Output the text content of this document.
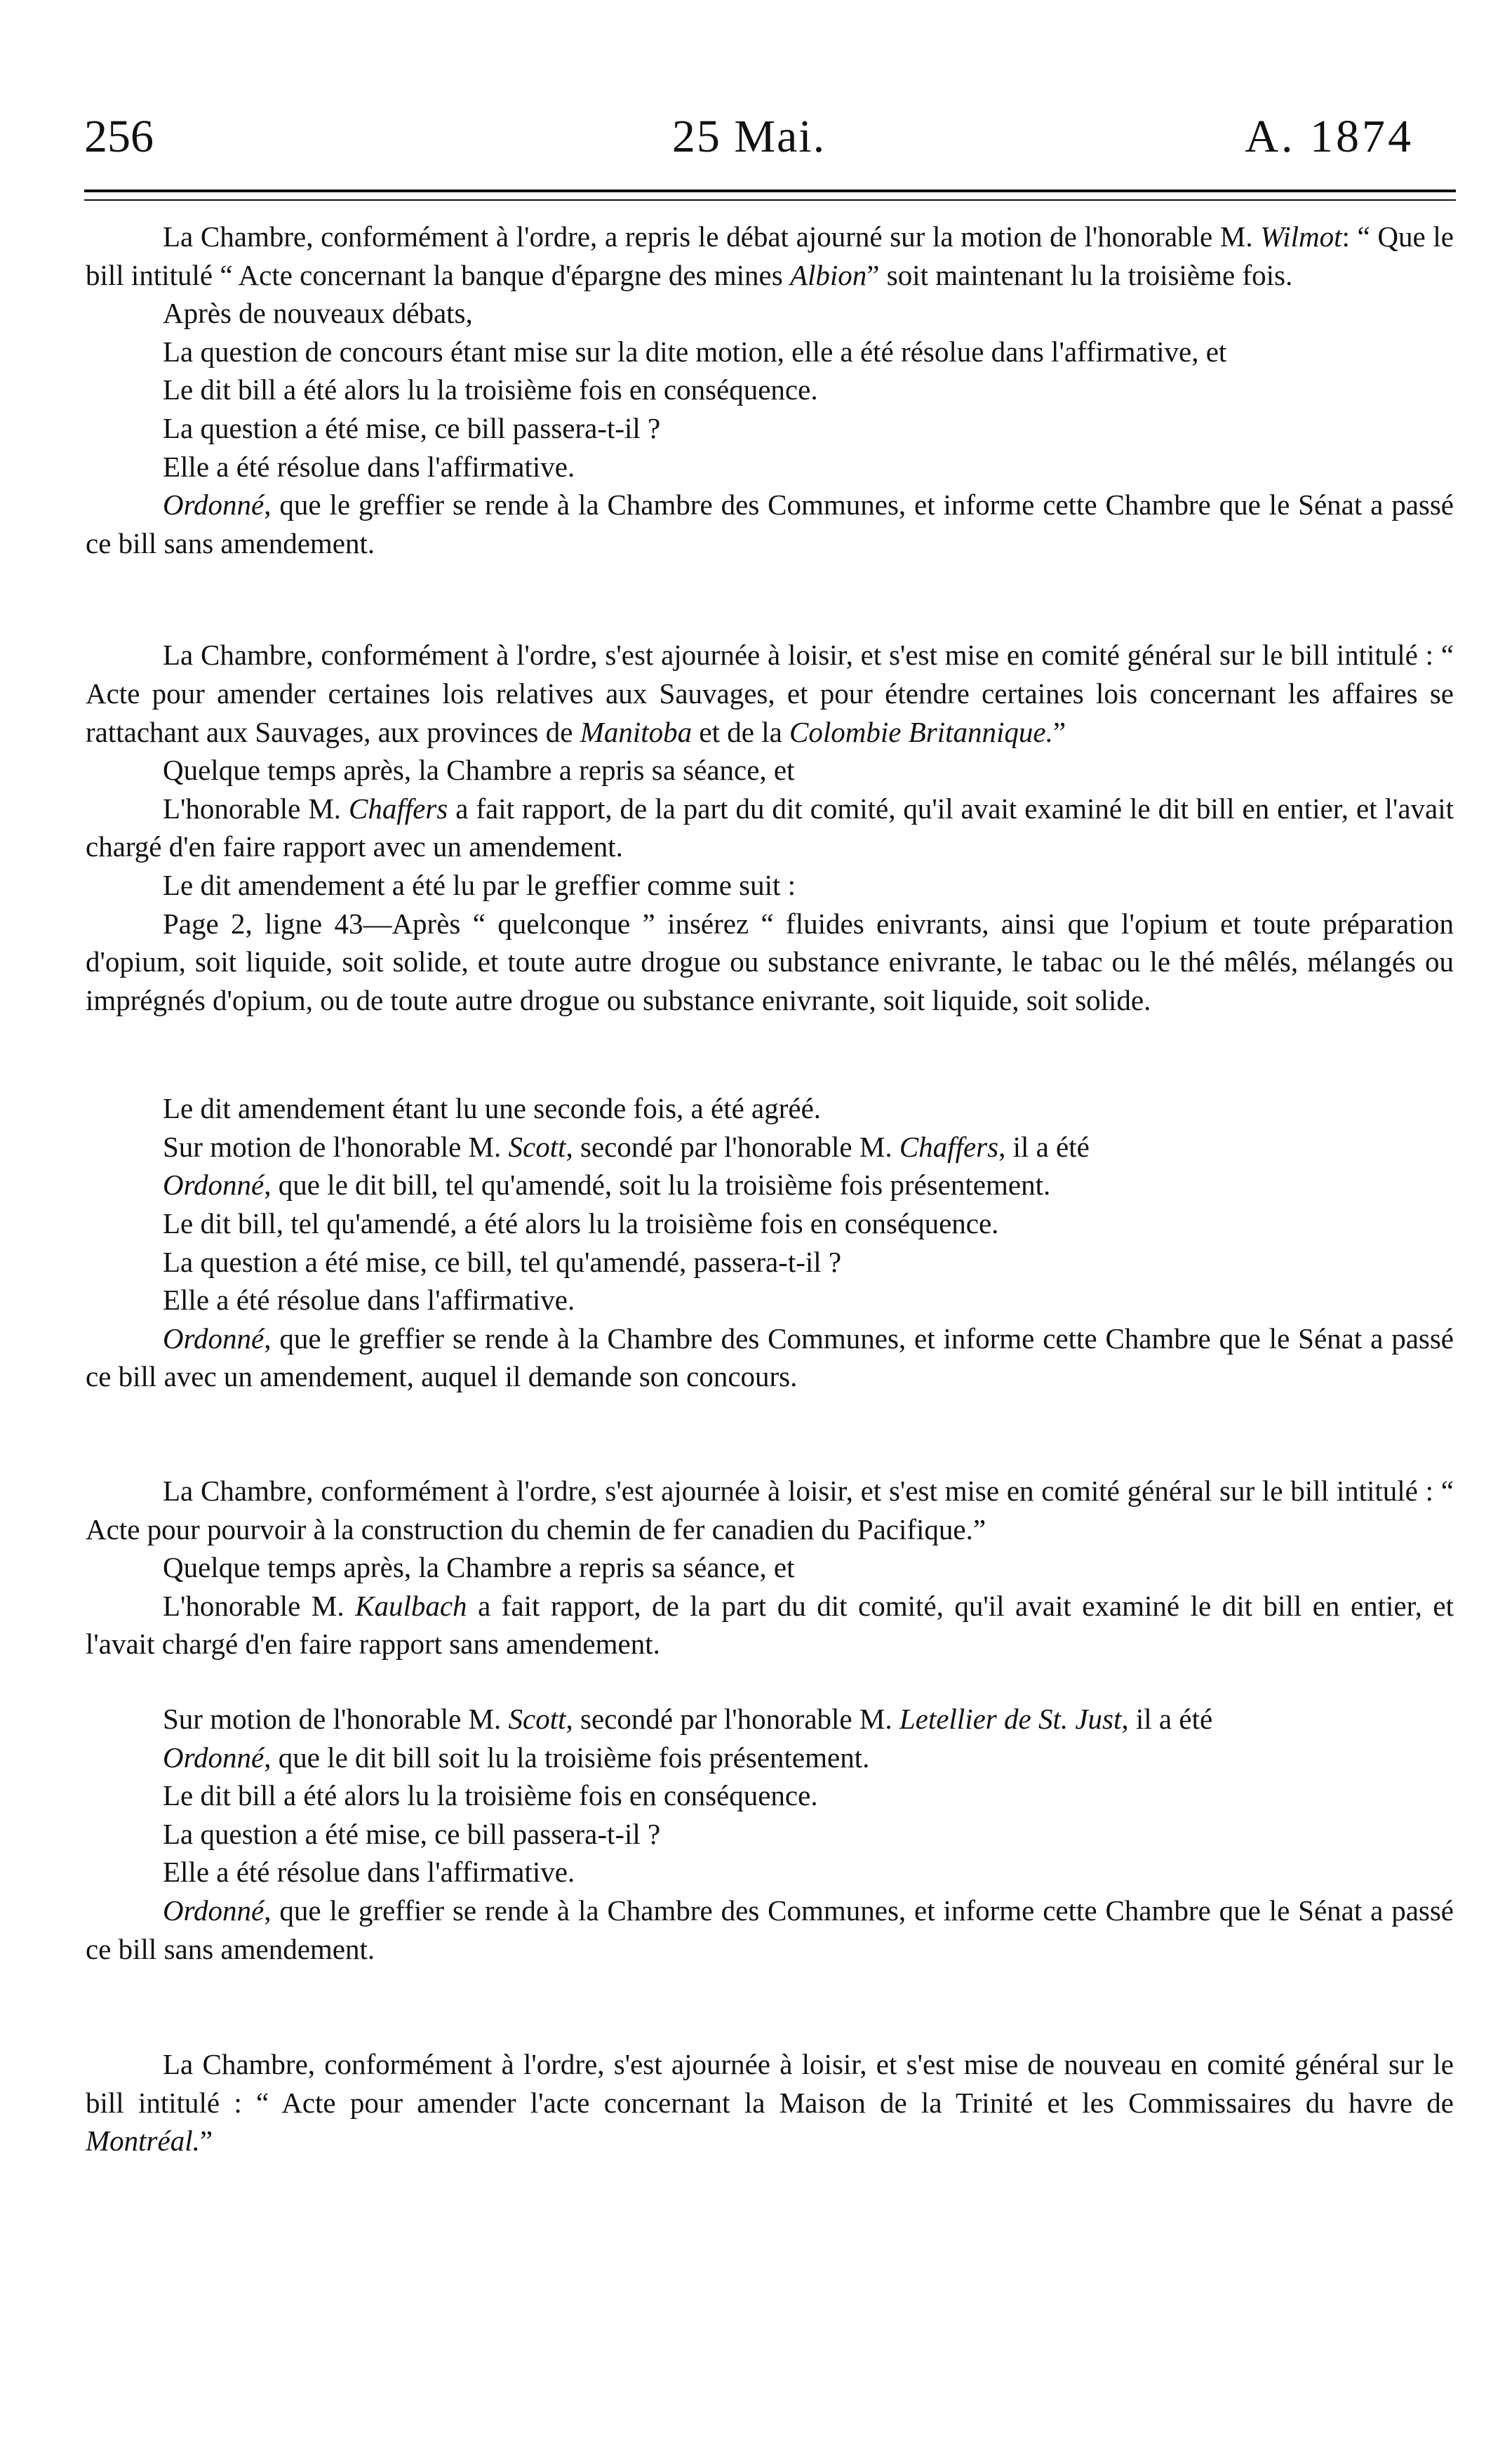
256	25 Mai.	A. 1874

La Chambre, conformément à l'ordre, a repris le débat ajourné sur la motion de l'honorable M. Wilmot: “ Que le bill intitulé “ Acte concernant la banque d'épargne des mines Albion” soit maintenant lu la troisième fois.

Après de nouveaux débats,

La question de concours étant mise sur la dite motion, elle a été résolue dans l'affirmative, et

Le dit bill a été alors lu la troisième fois en conséquence.

La question a été mise, ce bill passera-t-il ?

Elle a été résolue dans l'affirmative.

Ordonné, que le greffier se rende à la Chambre des Communes, et informe cette Chambre que le Sénat a passé ce bill sans amendement.

La Chambre, conformément à l'ordre, s'est ajournée à loisir, et s'est mise en comité général sur le bill intitulé : “ Acte pour amender certaines lois relatives aux Sauvages, et pour étendre certaines lois concernant les affaires se rattachant aux Sauvages, aux provinces de Manitoba et de la Colombie Britannique.”

Quelque temps après, la Chambre a repris sa séance, et

L'honorable M. Chaffers a fait rapport, de la part du dit comité, qu'il avait examiné le dit bill en entier, et l'avait chargé d'en faire rapport avec un amendement.

Le dit amendement a été lu par le greffier comme suit :

Page 2, ligne 43—Après “ quelconque ” insérez “ fluides enivrants, ainsi que l'opium et toute préparation d'opium, soit liquide, soit solide, et toute autre drogue ou substance enivrante, le tabac ou le thé mêlés, mélangés ou imprégnés d'opium, ou de toute autre drogue ou substance enivrante, soit liquide, soit solide.

Le dit amendement étant lu une seconde fois, a été agréé.

Sur motion de l'honorable M. Scott, secondé par l'honorable M. Chaffers, il a été

Ordonné, que le dit bill, tel qu'amendé, soit lu la troisième fois présentement.

Le dit bill, tel qu'amendé, a été alors lu la troisième fois en conséquence.

La question a été mise, ce bill, tel qu'amendé, passera-t-il ?

Elle a été résolue dans l'affirmative.

Ordonné, que le greffier se rende à la Chambre des Communes, et informe cette Chambre que le Sénat a passé ce bill avec un amendement, auquel il demande son concours.

La Chambre, conformément à l'ordre, s'est ajournée à loisir, et s'est mise en comité général sur le bill intitulé : “ Acte pour pourvoir à la construction du chemin de fer canadien du Pacifique.”

Quelque temps après, la Chambre a repris sa séance, et

L'honorable M. Kaulbach a fait rapport, de la part du dit comité, qu'il avait examiné le dit bill en entier, et l'avait chargé d'en faire rapport sans amendement.

Sur motion de l'honorable M. Scott, secondé par l'honorable M. Letellier de St. Just, il a été

Ordonné, que le dit bill soit lu la troisième fois présentement.

Le dit bill a été alors lu la troisième fois en conséquence.

La question a été mise, ce bill passera-t-il ?

Elle a été résolue dans l'affirmative.

Ordonné, que le greffier se rende à la Chambre des Communes, et informe cette Chambre que le Sénat a passé ce bill sans amendement.

La Chambre, conformément à l'ordre, s'est ajournée à loisir, et s'est mise de nouveau en comité général sur le bill intitulé : “ Acte pour amender l'acte concernant la Maison de la Trinité et les Commissaires du havre de Montréal.”
